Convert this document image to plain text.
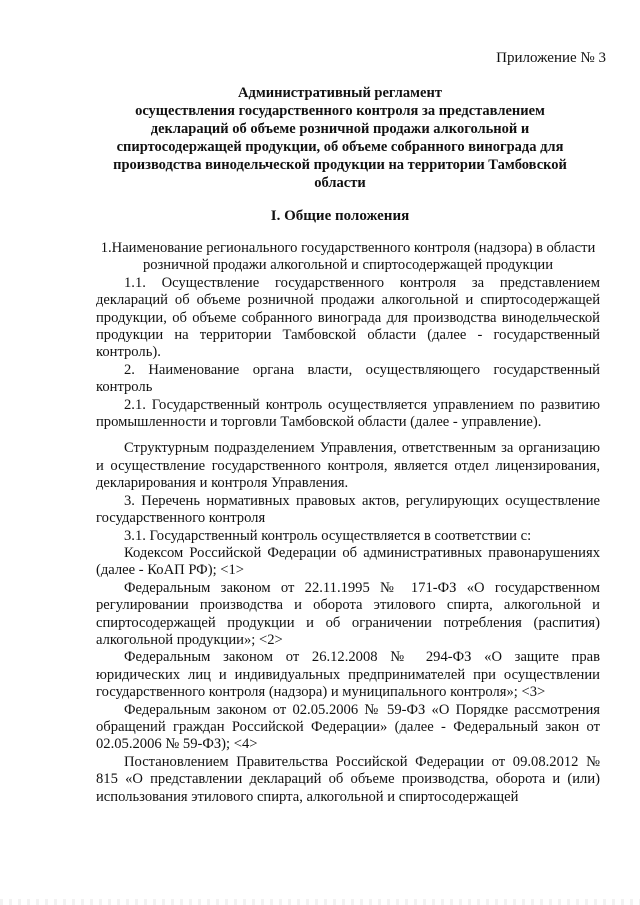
Приложение № 3
Административный регламент
осуществления государственного контроля за представлением
деклараций об объеме розничной продажи алкогольной и
спиртосодержащей продукции, об объеме собранного винограда для
производства винодельческой продукции на территории Тамбовской
области
I. Общие положения

1.Наименование регионального государственного контроля (надзора) в области розничной продажи алкогольной и спиртосодержащей продукции

1.1. Осуществление государственного контроля за представлением деклараций об объеме розничной продажи алкогольной и спиртосодержащей продукции, об объеме собранного винограда для производства винодельческой продукции на территории Тамбовской области (далее - государственный контроль).

2. Наименование органа власти, осуществляющего государственный контроль

2.1. Государственный контроль осуществляется управлением по развитию промышленности и торговли Тамбовской области (далее - управление).

Структурным подразделением Управления, ответственным за организацию и осуществление государственного контроля, является отдел лицензирования, декларирования и контроля Управления.

3. Перечень нормативных правовых актов, регулирующих осуществление государственного контроля

3.1. Государственный контроль осуществляется в соответствии с:

Кодексом Российской Федерации об административных правонарушениях (далее - КоАП РФ); <1>

Федеральным законом от 22.11.1995 № 171-ФЗ «О государственном регулировании производства и оборота этилового спирта, алкогольной и спиртосодержащей продукции и об ограничении потребления (распития) алкогольной продукции»; <2>

Федеральным законом от 26.12.2008 № 294-ФЗ «О защите прав юридических лиц и индивидуальных предпринимателей при осуществлении государственного контроля (надзора) и муниципального контроля»; <3>

Федеральным законом от 02.05.2006 № 59-ФЗ «О Порядке рассмотрения обращений граждан Российской Федерации» (далее - Федеральный закон от 02.05.2006 № 59-ФЗ); <4>

Постановлением Правительства Российской Федерации от 09.08.2012 № 815 «О представлении деклараций об объеме производства, оборота и (или) использования этилового спирта, алкогольной и спиртосодержащей
